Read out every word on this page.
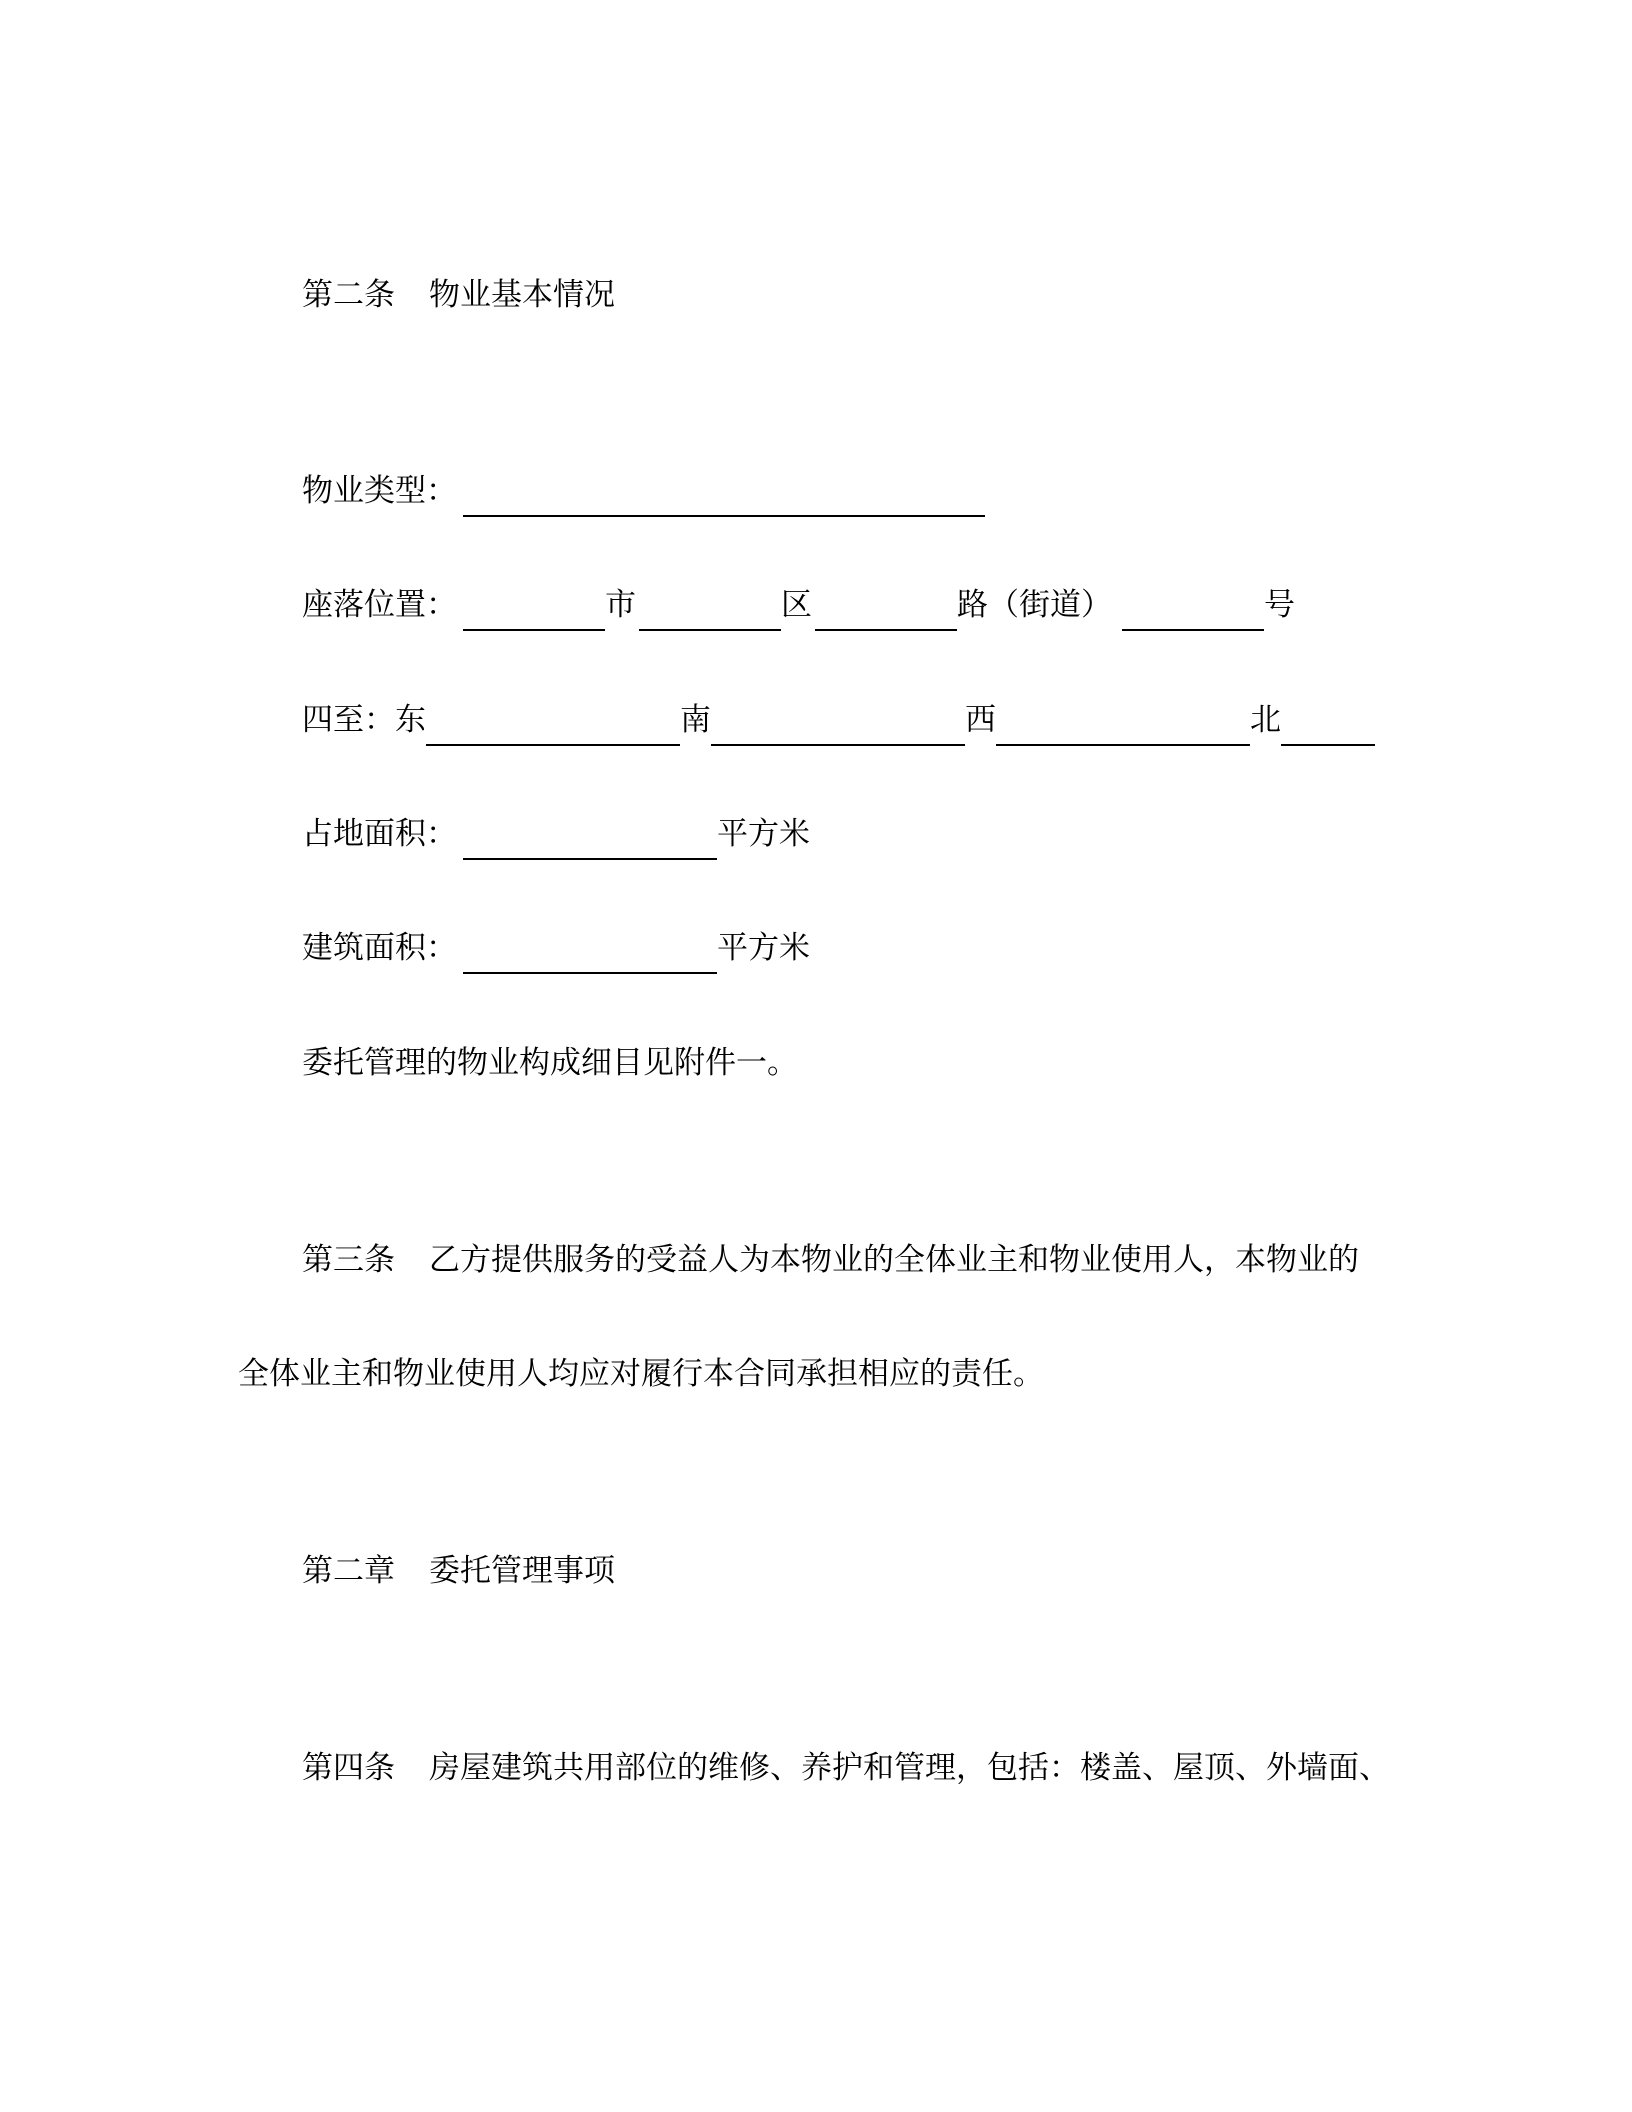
第二条 物业基本情况
物业类型：
座落位置：	市	区	路（街道）	号
四至： 东	南	西	北
占地面积：	平方米
建筑面积：	平方米
委托管理的物业构成细目见附件一。
第三条 乙方提供服务的受益人为本物业的全体业主和物业使用人，本物业的
全体业主和物业使用人均应对履行本合同承担相应的责任。
第二章 委托管理事项
第四条 房屋建筑共用部位的维修、养护和管理，包括：楼盖、屋顶、外墙面、
